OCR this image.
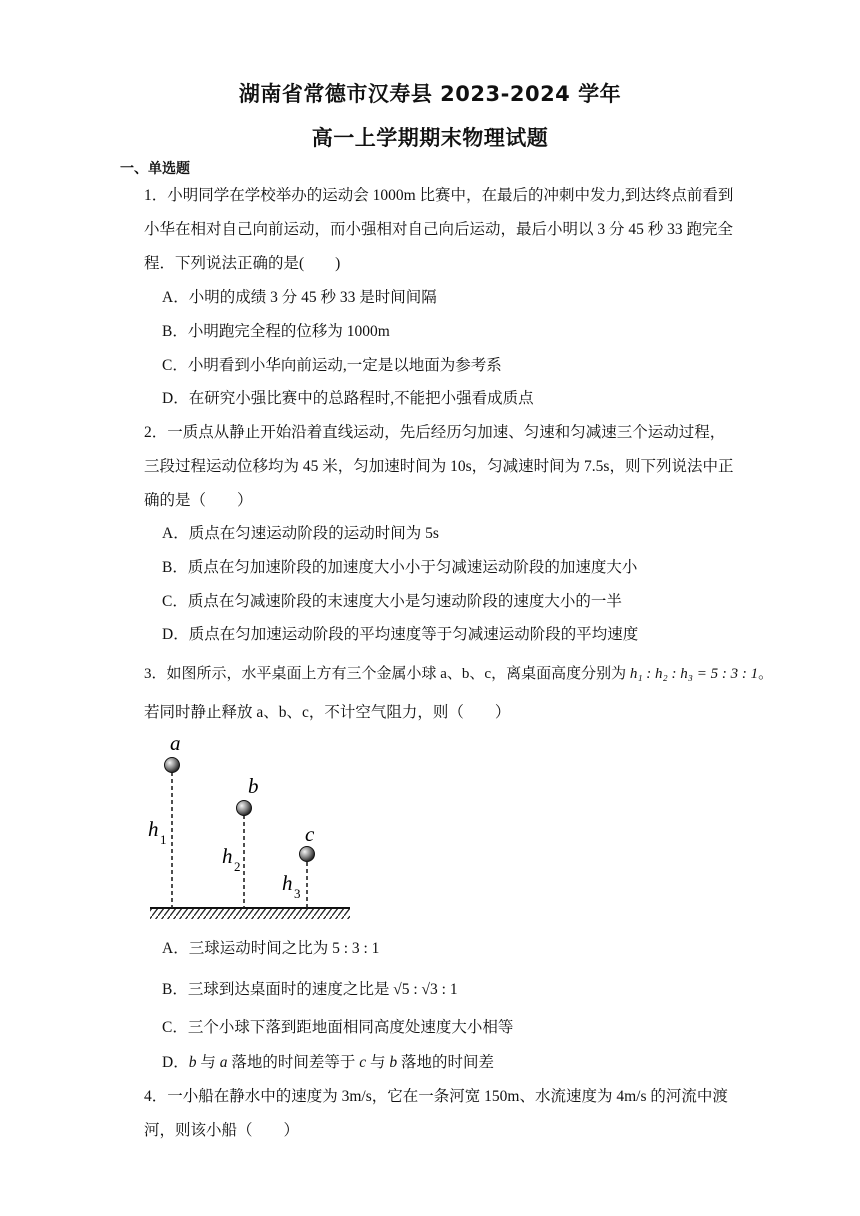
湖南省常德市汉寿县 2023-2024 学年
高一上学期期末物理试题
一、单选题
1．小明同学在学校举办的运动会 1000m 比赛中，在最后的冲刺中发力,到达终点前看到
小华在相对自己向前运动，而小强相对自己向后运动，最后小明以 3 分 45 秒 33 跑完全
程．下列说法正确的是(　　)
A．小明的成绩 3 分 45 秒 33 是时间间隔
B．小明跑完全程的位移为 1000m
C．小明看到小华向前运动,一定是以地面为参考系
D．在研究小强比赛中的总路程时,不能把小强看成质点
2．一质点从静止开始沿着直线运动，先后经历匀加速、匀速和匀减速三个运动过程，
三段过程运动位移均为 45 米，匀加速时间为 10s，匀减速时间为 7.5s，则下列说法中正
确的是（　　）
A．质点在匀速运动阶段的运动时间为 5s
B．质点在匀加速阶段的加速度大小小于匀减速运动阶段的加速度大小
C．质点在匀减速阶段的末速度大小是匀速动阶段的速度大小的一半
D．质点在匀加速运动阶段的平均速度等于匀减速运动阶段的平均速度
3．如图所示，水平桌面上方有三个金属小球 a、b、c，离桌面高度分别为 h₁ : h₂ : h₃ = 5 : 3 : 1。
若同时静止释放 a、b、c，不计空气阻力，则（　　）
a
b
c
h 1
h 2
h 3
A．三球运动时间之比为 5 : 3 : 1
B．三球到达桌面时的速度之比是 √5 : √3 : 1
C．三个小球下落到距地面相同高度处速度大小相等
D．b 与 a 落地的时间差等于 c 与 b 落地的时间差
4．一小船在静水中的速度为 3m/s，它在一条河宽 150m、水流速度为 4m/s 的河流中渡
河，则该小船（　　）
